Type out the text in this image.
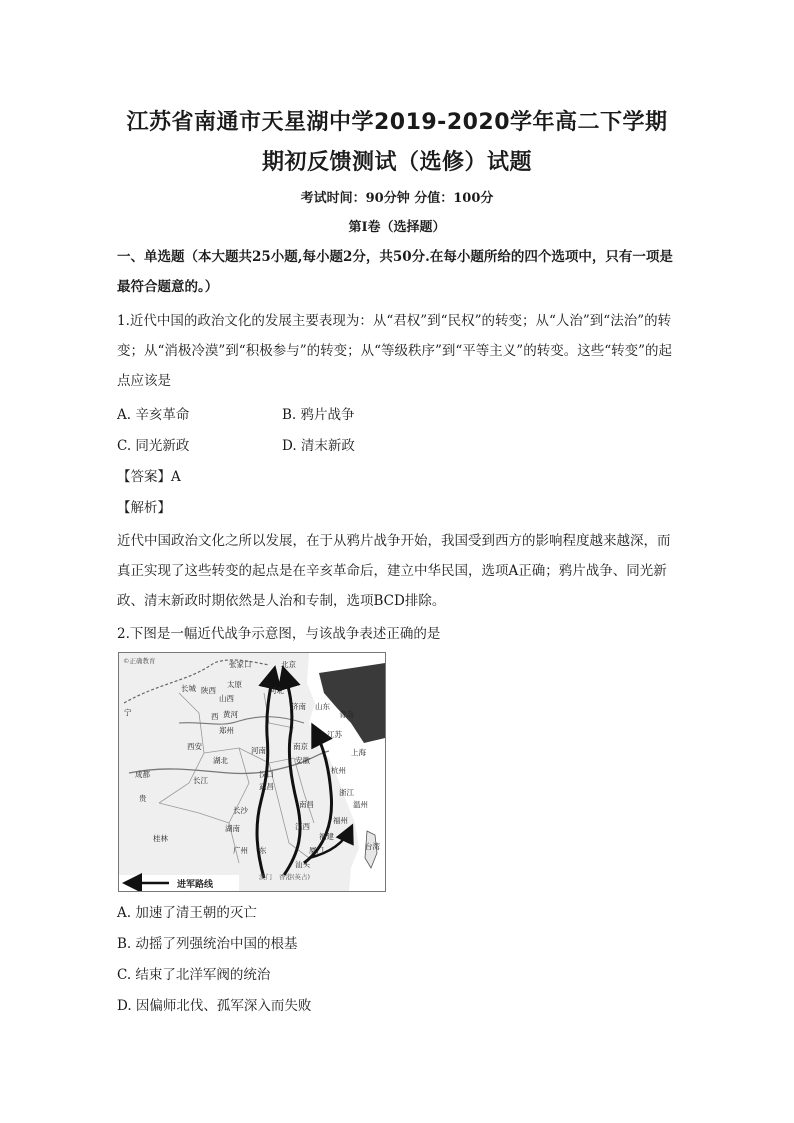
江苏省南通市天星湖中学2019-2020学年高二下学期
期初反馈测试（选修）试题
考试时间：90分钟 分值：100分
第Ⅰ卷（选择题）
一、单选题（本大题共25小题,每小题2分，共50分.在每小题所给的四个选项中，只有一项是最符合题意的。）
1.近代中国的政治文化的发展主要表现为：从“君权”到“民权”的转变；从“人治”到“法治”的转变；从“消极冷漠”到“积极参与”的转变；从“等级秩序”到“平等主义”的转变。这些“转变”的起点应该是
A. 辛亥革命	B. 鸦片战争
C. 同光新政	D. 清末新政
【答案】A
【解析】
近代中国政治文化之所以发展，在于从鸦片战争开始，我国受到西方的影响程度越来越深，而真正实现了这些转变的起点是在辛亥革命后，建立中华民国，选项A正确；鸦片战争、同光新政、清末新政时期依然是人治和专制，选项BCD排除。
2.下图是一幅近代战争示意图，与该战争表述正确的是
©正确教育	张家口	北京
长城
宁
太原
山西
河北
陕西
黄河
郑州
济南 山东
青岛
河南
西安	南京
安徽
江苏
上海
杭州
浙江
湖北
长江
汉口
武昌
成都
长沙
南昌
江西
湖南
福州
福建
温州
桂林
广州 东	厦门
汕头
台湾
澳门 香港(英占)
贵
西
进军路线
A. 加速了清王朝的灭亡
B. 动摇了列强统治中国的根基
C. 结束了北洋军阀的统治
D. 因偏师北伐、孤军深入而失败
